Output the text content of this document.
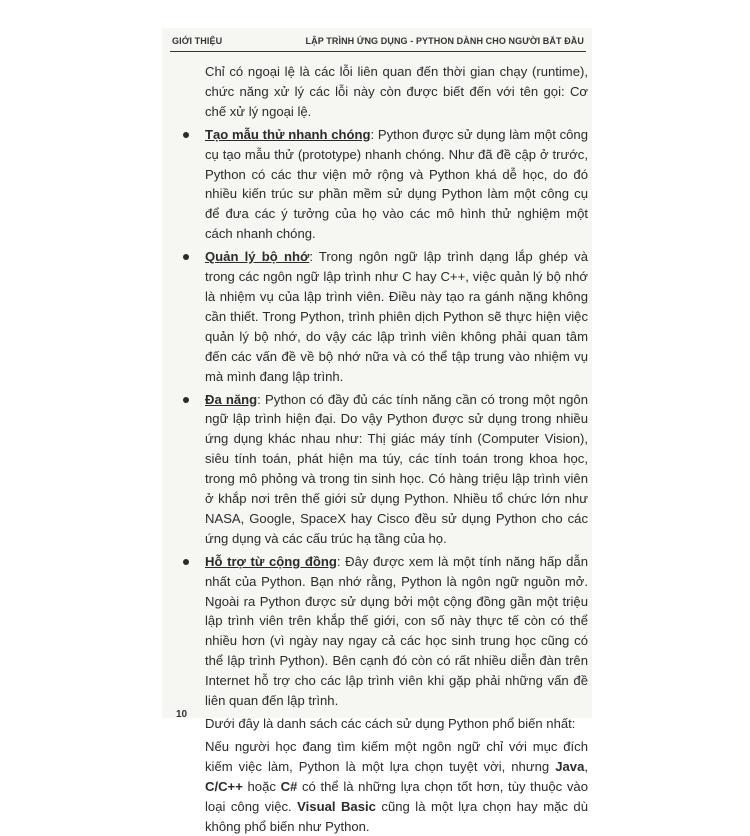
GIỚI THIỆU	LẬP TRÌNH ỨNG DỤNG - PYTHON DÀNH CHO NGƯỜI BẮT ĐẦU

Chỉ có ngoại lệ là các lỗi liên quan đến thời gian chạy (runtime), chức năng xử lý các lỗi này còn được biết đến với tên gọi: Cơ chế xử lý ngoại lệ.

Tạo mẫu thử nhanh chóng: Python được sử dụng làm một công cụ tạo mẫu thử (prototype) nhanh chóng. Như đã đề cập ở trước, Python có các thư viện mở rộng và Python khá dễ học, do đó nhiều kiến trúc sư phần mềm sử dụng Python làm một công cụ để đưa các ý tưởng của họ vào các mô hình thử nghiệm một cách nhanh chóng.

Quản lý bộ nhớ: Trong ngôn ngữ lập trình dạng lắp ghép và trong các ngôn ngữ lập trình như C hay C++, việc quản lý bộ nhớ là nhiệm vụ của lập trình viên. Điều này tạo ra gánh nặng không cần thiết. Trong Python, trình phiên dịch Python sẽ thực hiện việc quản lý bộ nhớ, do vậy các lập trình viên không phải quan tâm đến các vấn đề về bộ nhớ nữa và có thể tập trung vào nhiệm vụ mà mình đang lập trình.

Đa năng: Python có đầy đủ các tính năng cần có trong một ngôn ngữ lập trình hiện đại. Do vậy Python được sử dụng trong nhiều ứng dụng khác nhau như: Thị giác máy tính (Computer Vision), siêu tính toán, phát hiện ma túy, các tính toán trong khoa học, trong mô phỏng và trong tin sinh học. Có hàng triệu lập trình viên ở khắp nơi trên thế giới sử dụng Python. Nhiều tổ chức lớn như NASA, Google, SpaceX hay Cisco đều sử dụng Python cho các ứng dụng và các cấu trúc hạ tầng của họ.

Hỗ trợ từ cộng đồng: Đây được xem là một tính năng hấp dẫn nhất của Python. Bạn nhớ rằng, Python là ngôn ngữ nguồn mở. Ngoài ra Python được sử dụng bởi một cộng đồng gần một triệu lập trình viên trên khắp thế giới, con số này thực tế còn có thể nhiều hơn (vì ngày nay ngay cả các học sinh trung học cũng có thể lập trình Python). Bên cạnh đó còn có rất nhiều diễn đàn trên Internet hỗ trợ cho các lập trình viên khi gặp phải những vấn đề liên quan đến lập trình.

Dưới đây là danh sách các cách sử dụng Python phổ biến nhất:

Nếu người học đang tìm kiếm một ngôn ngữ chỉ với mục đích kiếm việc làm, Python là một lựa chọn tuyệt vời, nhưng Java, C/C++ hoặc C# có thể là những lựa chọn tốt hơn, tùy thuộc vào loại công việc. Visual Basic cũng là một lựa chọn hay mặc dù không phổ biến như Python.

10
